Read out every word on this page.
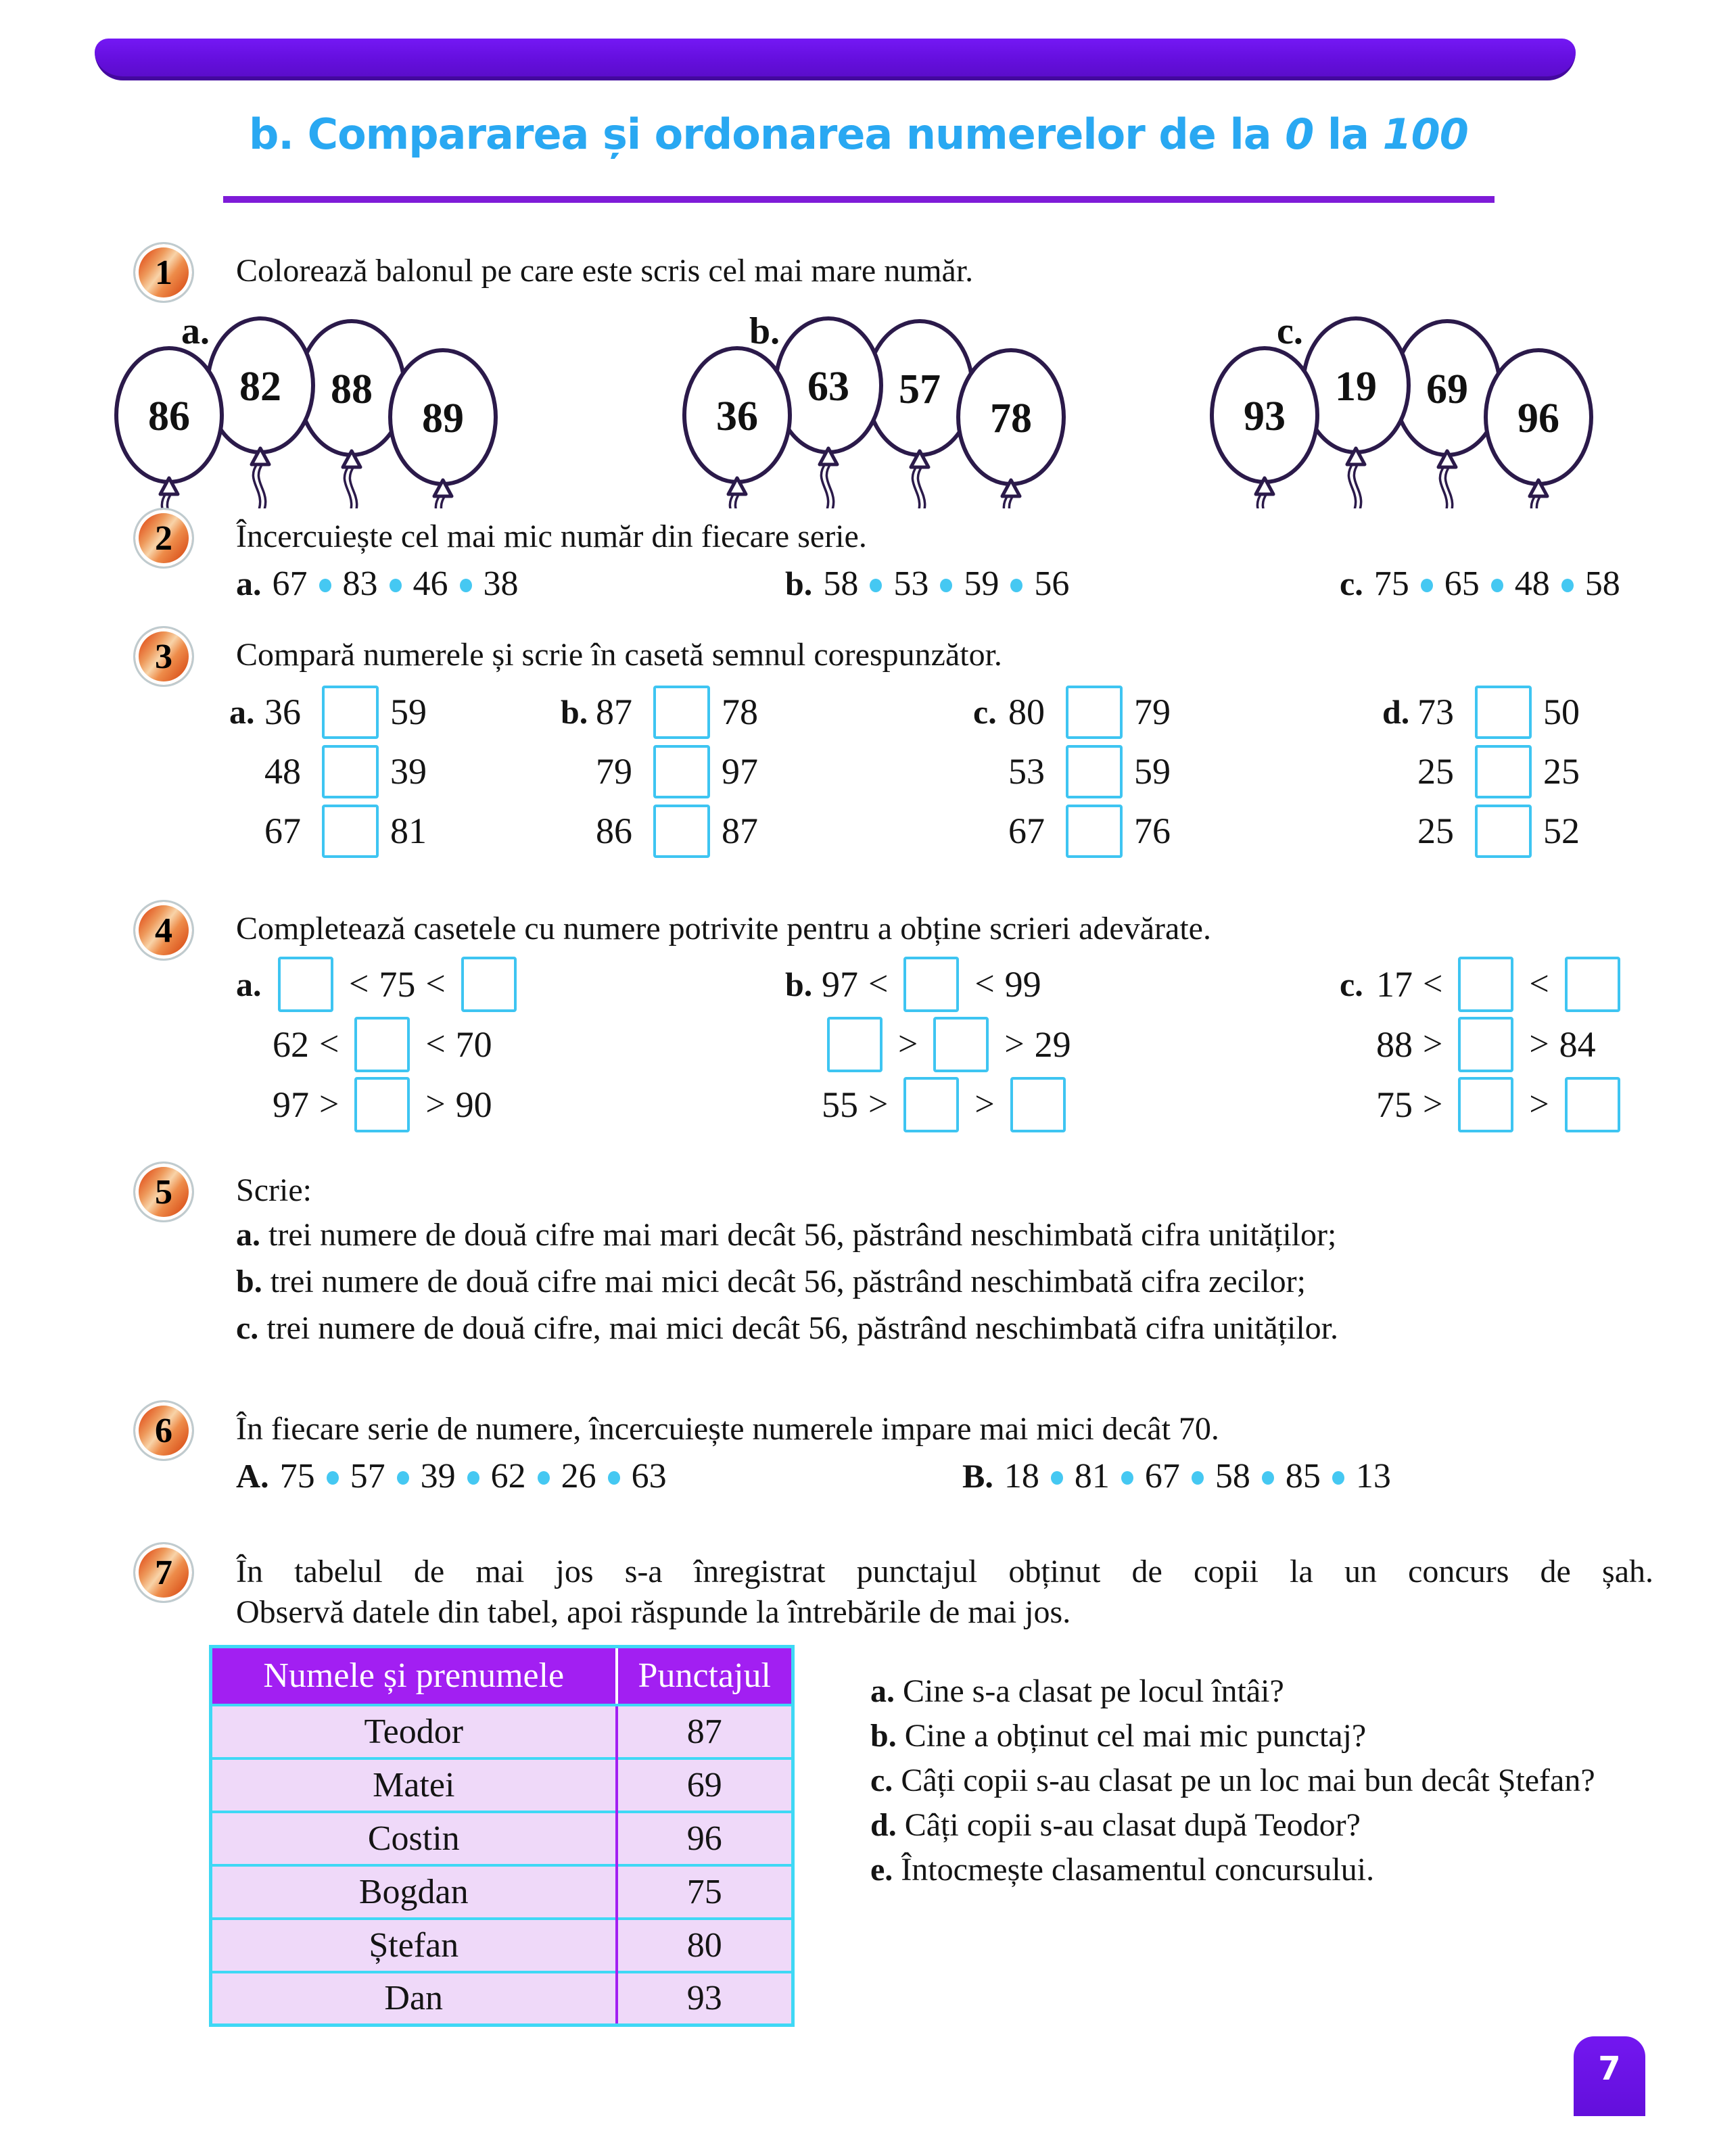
b. Compararea și ordonarea numerelor de la 0 la 100
1	Colorează balonul pe care este scris cel mai mare număr.
a.
88
82
86	89
b.
57
63
36	78
c.
69
19
93	96
2	Încercuiește cel mai mic număr din fiecare serie.
a. 67 83 46 38	b. 58 53 59 56	c. 75 65 48 58
3	Compară numerele și scrie în casetă semnul corespunzător.
a. 36 59
48 39
67 81
b. 87 78
79 97
86 87
c. 80 79
53 59
67 76
d. 73 50
25 25
25 52
4	Completează casetele cu numere potrivite pentru a obține scrieri adevărate.
a.	< 75 <
62 < < 70
97 > > 90
b. 97 < < 99
> > 29
55 > >
c. 17 < <
88 > > 84
75 > >
5	Scrie:
a. trei numere de două cifre mai mari decât 56, păstrând neschimbată cifra unităților;
b. trei numere de două cifre mai mici decât 56, păstrând neschimbată cifra zecilor;
c. trei numere de două cifre, mai mici decât 56, păstrând neschimbată cifra unităților.
6	În fiecare serie de numere, încercuiește numerele impare mai mici decât 70.
A. 75 57 39 62 26 63	B. 18 81 67 58 85 13
7	În tabelul de mai jos s-a înregistrat punctajul obținut de copii la un concurs de șah.
Observă datele din tabel, apoi răspunde la întrebările de mai jos.
Numele și prenumele	Punctajul
Teodor	87
Matei	69
Costin	96
Bogdan	75
Ștefan	80
Dan	93
a. Cine s-a clasat pe locul întâi?
b. Cine a obținut cel mai mic punctaj?
c. Câți copii s-au clasat pe un loc mai bun decât Ștefan?
d. Câți copii s-au clasat după Teodor?
e. Întocmește clasamentul concursului.
7
